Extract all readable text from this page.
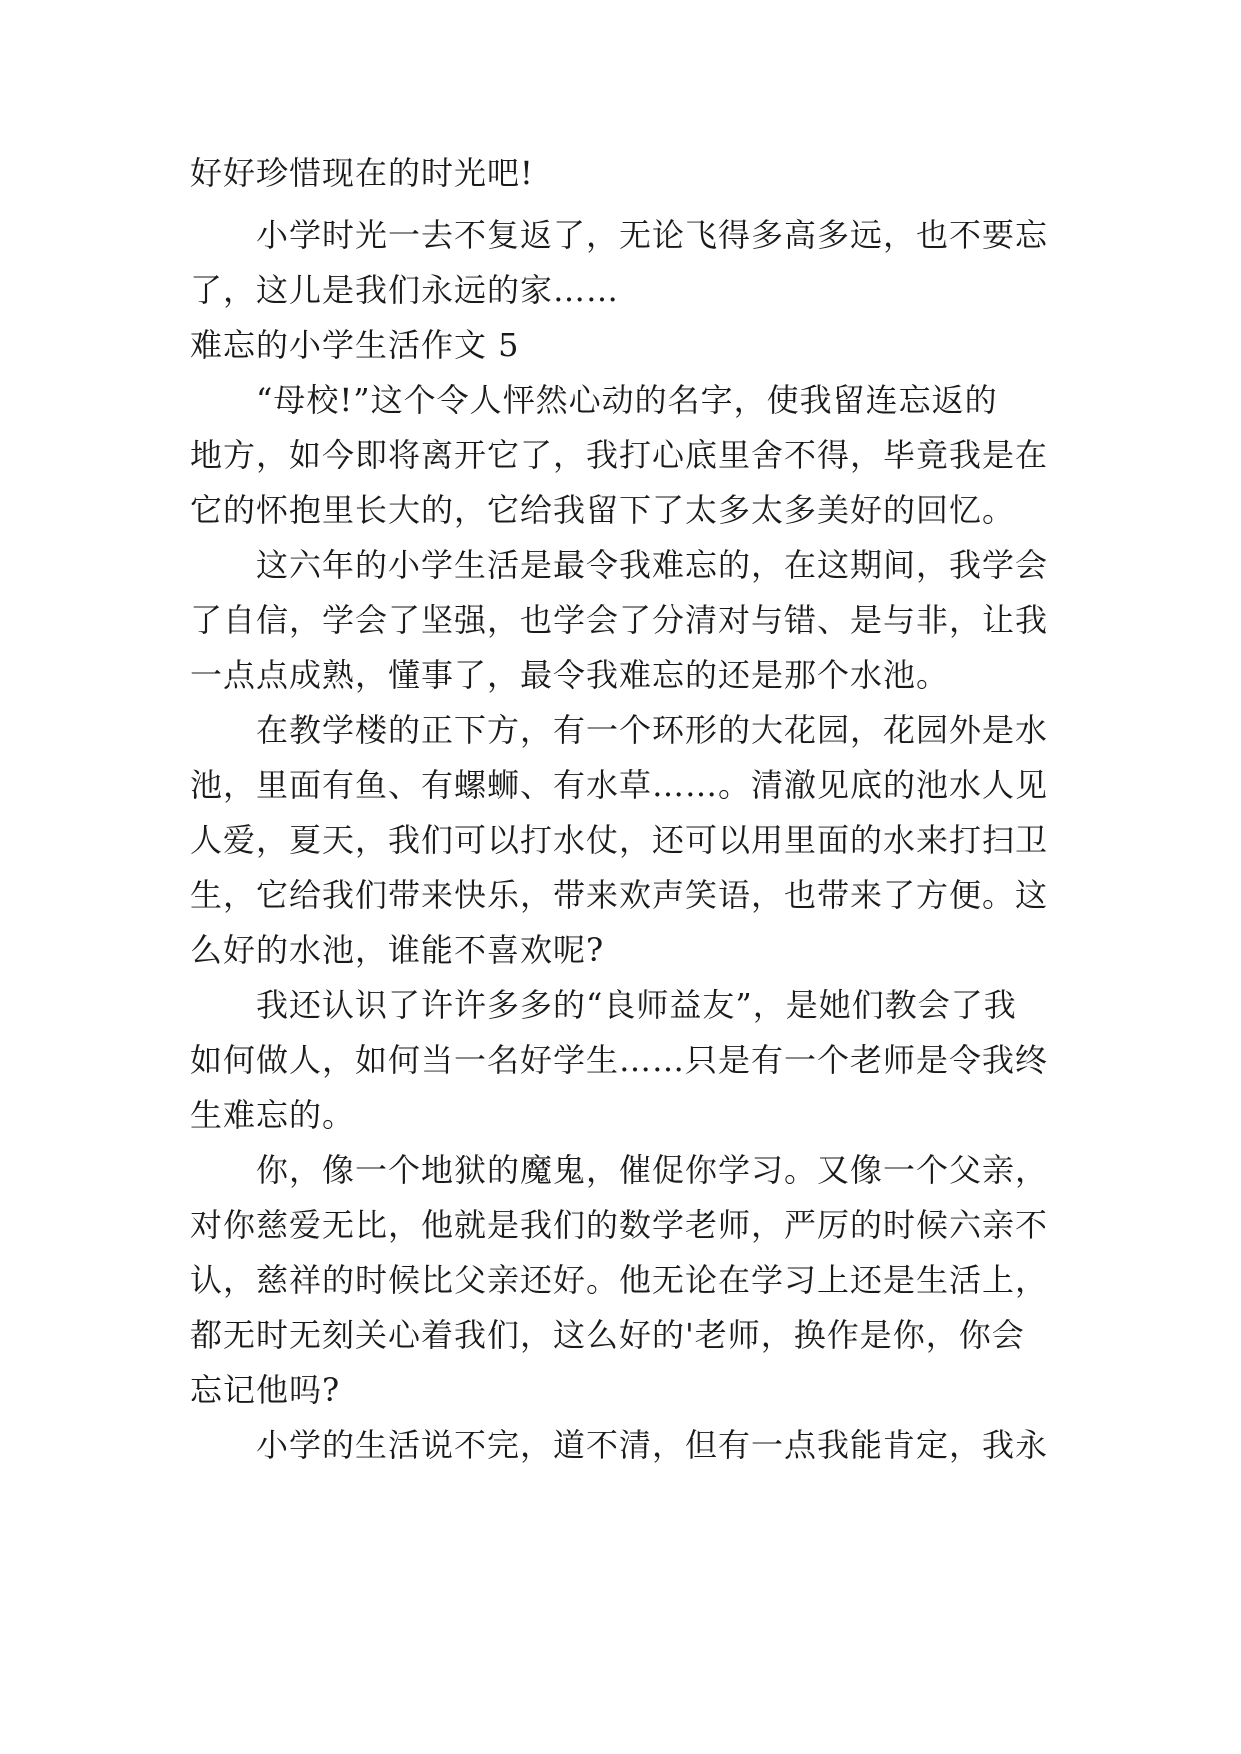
好好珍惜现在的时光吧!
小学时光一去不复返了，无论飞得多高多远，也不要忘
了，这儿是我们永远的家……
难忘的小学生活作文 5
“母校!”这个令人怦然心动的名字，使我留连忘返的
地方，如今即将离开它了，我打心底里舍不得，毕竟我是在
它的怀抱里长大的，它给我留下了太多太多美好的回忆。
这六年的小学生活是最令我难忘的，在这期间，我学会
了自信，学会了坚强，也学会了分清对与错、是与非，让我
一点点成熟，懂事了，最令我难忘的还是那个水池。
在教学楼的正下方，有一个环形的大花园，花园外是水
池，里面有鱼、有螺蛳、有水草……。清澈见底的池水人见
人爱，夏天，我们可以打水仗，还可以用里面的水来打扫卫
生，它给我们带来快乐，带来欢声笑语，也带来了方便。这
么好的水池，谁能不喜欢呢?
我还认识了许许多多的“良师益友”，是她们教会了我
如何做人，如何当一名好学生……只是有一个老师是令我终
生难忘的。
你，像一个地狱的魔鬼，催促你学习。又像一个父亲，
对你慈爱无比，他就是我们的数学老师，严厉的时候六亲不
认，慈祥的时候比父亲还好。他无论在学习上还是生活上，
都无时无刻关心着我们，这么好的'老师，换作是你，你会
忘记他吗?
小学的生活说不完，道不清，但有一点我能肯定，我永
